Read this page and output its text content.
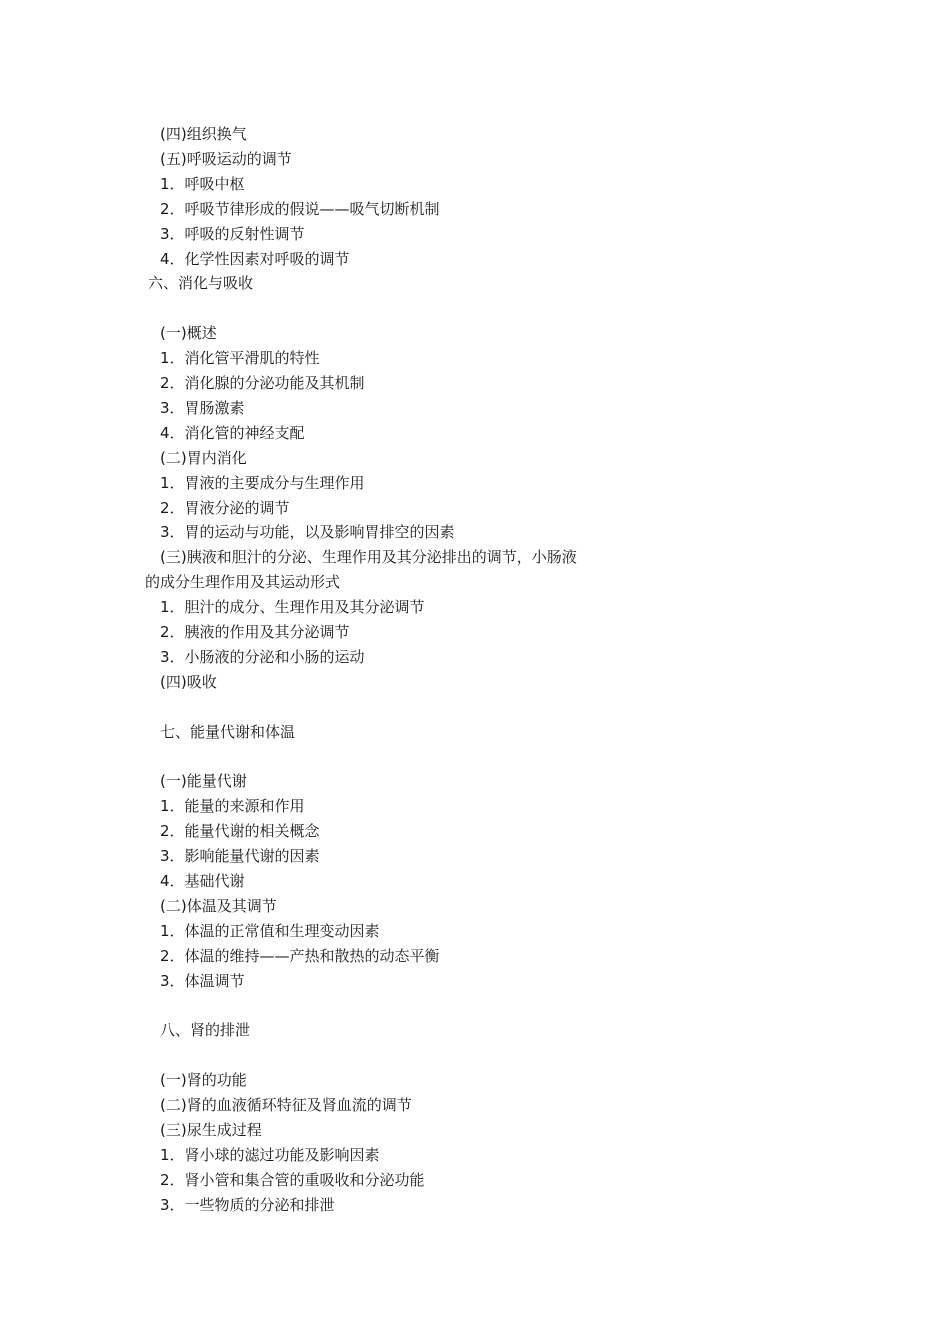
(四)组织换气
(五)呼吸运动的调节
1．呼吸中枢
2．呼吸节律形成的假说——吸气切断机制
3．呼吸的反射性调节
4．化学性因素对呼吸的调节
六、消化与吸收
(一)概述
1．消化管平滑肌的特性
2．消化腺的分泌功能及其机制
3．胃肠激素
4．消化管的神经支配
(二)胃内消化
1．胃液的主要成分与生理作用
2．胃液分泌的调节
3．胃的运动与功能，以及影响胃排空的因素
(三)胰液和胆汁的分泌、生理作用及其分泌排出的调节，小肠液
的成分生理作用及其运动形式
1．胆汁的成分、生理作用及其分泌调节
2．胰液的作用及其分泌调节
3．小肠液的分泌和小肠的运动
(四)吸收
七、能量代谢和体温
(一)能量代谢
1．能量的来源和作用
2．能量代谢的相关概念
3．影响能量代谢的因素
4．基础代谢
(二)体温及其调节
1．体温的正常值和生理变动因素
2．体温的维持——产热和散热的动态平衡
3．体温调节
八、肾的排泄
(一)肾的功能
(二)肾的血液循环特征及肾血流的调节
(三)尿生成过程
1．肾小球的滤过功能及影响因素
2．肾小管和集合管的重吸收和分泌功能
3．一些物质的分泌和排泄
